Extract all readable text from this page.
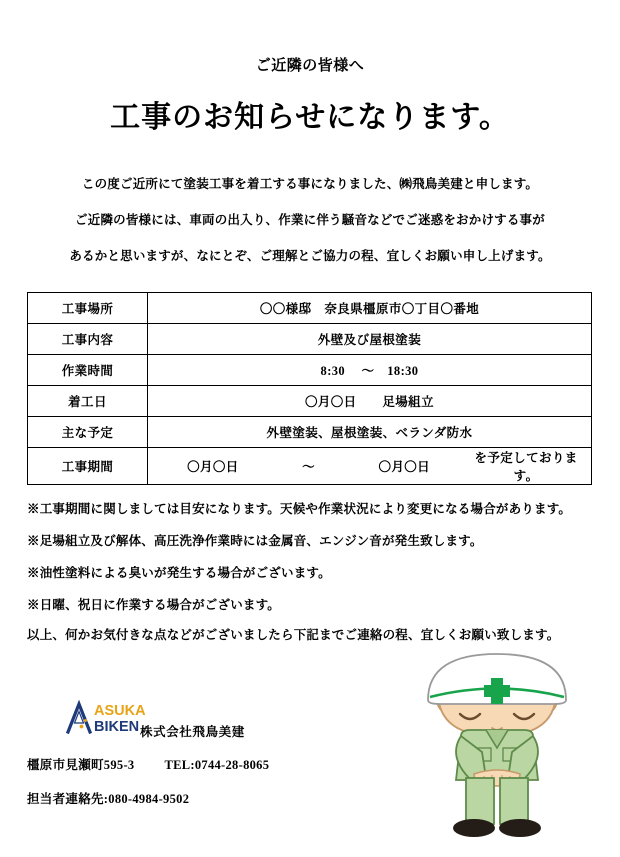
ご近隣の皆様へ
工事のお知らせになります。
この度ご近所にて塗装工事を着工する事になりました、㈱飛鳥美建と申します。
ご近隣の皆様には、車両の出入り、作業に伴う騒音などでご迷惑をおかけする事が
あるかと思いますが、なにとぞ、ご理解とご協力の程、宜しくお願い申し上げます。
工事場所	〇〇様邸　奈良県橿原市〇丁目〇番地
工事内容	外壁及び屋根塗装
作業時間	8:30 　〜　18:30
着工日	〇月〇日　　足場組立
主な予定	外壁塗装、屋根塗装、ベランダ防水
工事期間	〇月〇日 〜 〇月〇日
を予定しております。
※工事期間に関しましては目安になります。天候や作業状況により変更になる場合があります。
※足場組立及び解体、高圧洗浄作業時には金属音、エンジン音が発生致します。
※油性塗料による臭いが発生する場合がございます。
※日曜、祝日に作業する場合がございます。
以上、何かお気付きな点などがございましたら下記までご連絡の程、宜しくお願い致します。
ASUKA
BIKEN 株式会社飛鳥美建
橿原市見瀬町595-3 TEL:0744-28-8065
担当者連絡先:080-4984-9502
